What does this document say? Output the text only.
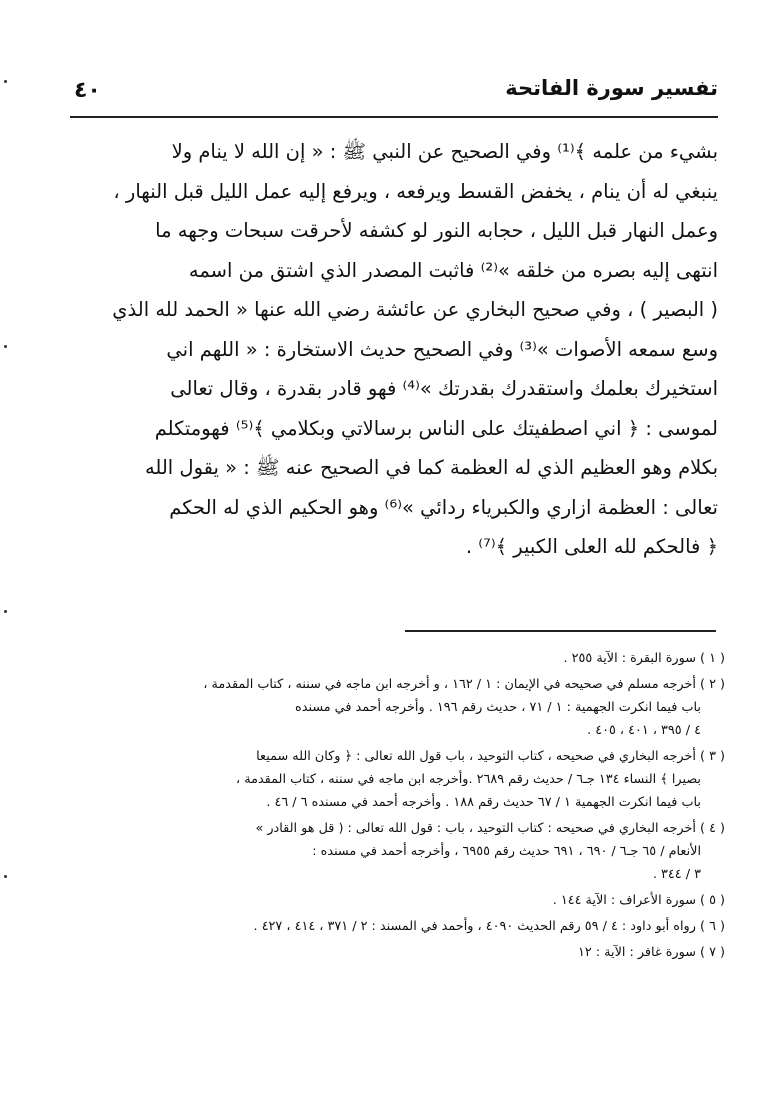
تفسير سورة الفاتحة
٤٠

بشيء من علمه ﴾⁽¹⁾ وفي الصحيح عن النبي ﷺ : « إن الله لا ينام ولا

ينبغي له أن ينام ، يخفض القسط ويرفعه ، ويرفع إليه عمل الليل قبل النهار ،

وعمل النهار قبل الليل ، حجابه النور لو كشفه لأحرقت سبحات وجهه ما

انتهى إليه بصره من خلقه »⁽²⁾ فاثبت المصدر الذي اشتق من اسمه

( البصير ) ، وفي صحيح البخاري عن عائشة رضي الله عنها « الحمد لله الذي

وسع سمعه الأصوات »⁽³⁾ وفي الصحيح حديث الاستخارة : « اللهم اني

استخيرك بعلمك واستقدرك بقدرتك »⁽⁴⁾ فهو قادر بقدرة ، وقال تعالى

لموسى : ﴿ اني اصطفيتك على الناس برسالاتي وبكلامي ﴾⁽⁵⁾ فهومتكلم

بكلام وهو العظيم الذي له العظمة كما في الصحيح عنه ﷺ : « يقول الله

تعالى : العظمة ازاري والكبرياء ردائي »⁽⁶⁾ وهو الحكيم الذي له الحكم

﴿ فالحكم لله العلى الكبير ﴾⁽⁷⁾ .

( ١ ) سورة البقرة : الآية ٢٥٥ .

( ٢ ) أخرجه مسلم في صحيحه في الإيمان : ١ / ١٦٢ ، و أخرجه ابن ماجه في سننه ، كتاب المقدمة ،

باب فيما انكرت الجهمية : ١ / ٧١ ، حديث رقم ١٩٦ . وأخرجه أحمد في مسنده

٤ / ٣٩٥ ، ٤٠١ ، ٤٠٥ .

( ٣ ) أخرجه البخاري في صحيحه ، كتاب التوحيد ، باب قول الله تعالى : ﴿ وكان الله سميعا

بصيرا ﴾ النساء ١٣٤ جـ٦ / حديث رقم ٢٦٨٩ .وأخرجه ابن ماجه في سننه ، كتاب المقدمة ،

باب فيما انكرت الجهمية ١ / ٦٧ حديث رقم ١٨٨ . وأخرجه أحمد في مسنده ٦ / ٤٦ .

( ٤ ) أخرجه البخاري في صحيحه : كتاب التوحيد ، باب : قول الله تعالى : ( قل هو القادر »

الأنعام / ٦٥ جـ٦ / ٦٩٠ ، ٦٩١ حديث رقم ٦٩٥٥ ، وأخرجه أحمد في مسنده :

٣ / ٣٤٤ .

( ٥ ) سورة الأعراف : الآية ١٤٤ .

( ٦ ) رواه أبو داود : ٤ / ٥٩ رقم الحديث ٤٠٩٠ ، وأحمد في المسند : ٢ / ٣٧١ ، ٤١٤ ، ٤٢٧ .

( ٧ ) سورة غافر : الآية : ١٢
